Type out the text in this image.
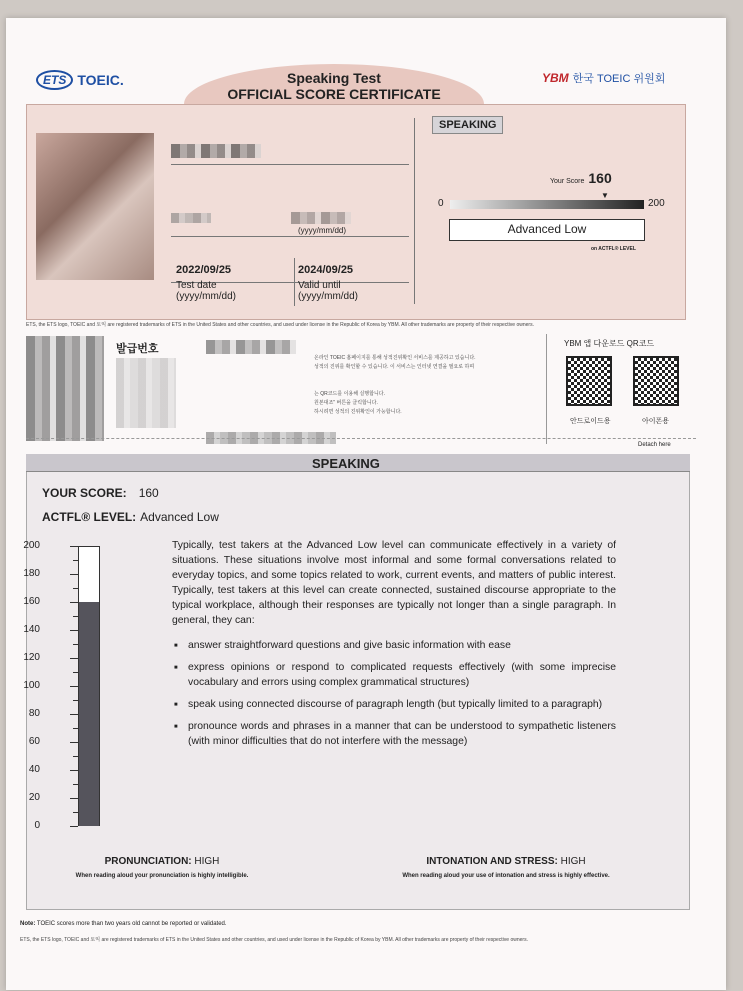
ETS TOEIC.	Speaking Test
OFFICIAL SCORE CERTIFICATE
YBM 한국 TOEIC 위원회
(yyyy/mm/dd)
2022/09/25
Test date
(yyyy/mm/dd)
2024/09/25
Valid until
(yyyy/mm/dd)
SPEAKING
Your Score 160
▼
0	200
Advanced Low
on ACTFL® LEVEL
ETS, the ETS logo, TOEIC and 토익 are registered trademarks of ETS in the United States and other countries, and used under license in the Republic of Korea by YBM. All other trademarks are property of their respective owners.
발급번호
온라인 TOEIC 홈페이지를 통해 성적진위확인 서비스를 제공하고 있습니다.
성적의 진위를 확인할 수 있습니다. 이 서비스는 인터넷 연결을 필요로 하며
는 QR코드를 이용해 실행합니다.
원본대조" 버튼을 클릭합니다.
하시려면 성적의 진위확인이 가능합니다.
YBM 앱 다운로드 QR코드
안드로이드용	아이폰용
Detach here
SPEAKING
YOUR SCORE: 160
ACTFL® LEVEL: Advanced Low
200
180
160
140
120
100
80
60
40
20
0
Typically, test takers at the Advanced Low level can communicate effectively in a variety of situations. These situations involve most informal and some formal conversations related to everyday topics, and some topics related to work, current events, and matters of public interest. Typically, test takers at this level can create connected, sustained discourse appropriate to the typical workplace, although their responses are typically not longer than a single paragraph. In general, they can:
■ answer straightforward questions and give basic information with ease
■ express opinions or respond to complicated requests effectively (with some imprecise vocabulary and errors using complex grammatical structures)
■ speak using connected discourse of paragraph length (but typically limited to a paragraph)
■ pronounce words and phrases in a manner that can be understood to sympathetic listeners (with minor difficulties that do not interfere with the message)
PRONUNCIATION: HIGH
When reading aloud your pronunciation is highly intelligible.
INTONATION AND STRESS: HIGH
When reading aloud your use of intonation and stress is highly effective.
Note: TOEIC scores more than two years old cannot be reported or validated.
ETS, the ETS logo, TOEIC and 토익 are registered trademarks of ETS in the United States and other countries, and used under license in the Republic of Korea by YBM. All other trademarks are property of their respective owners.
